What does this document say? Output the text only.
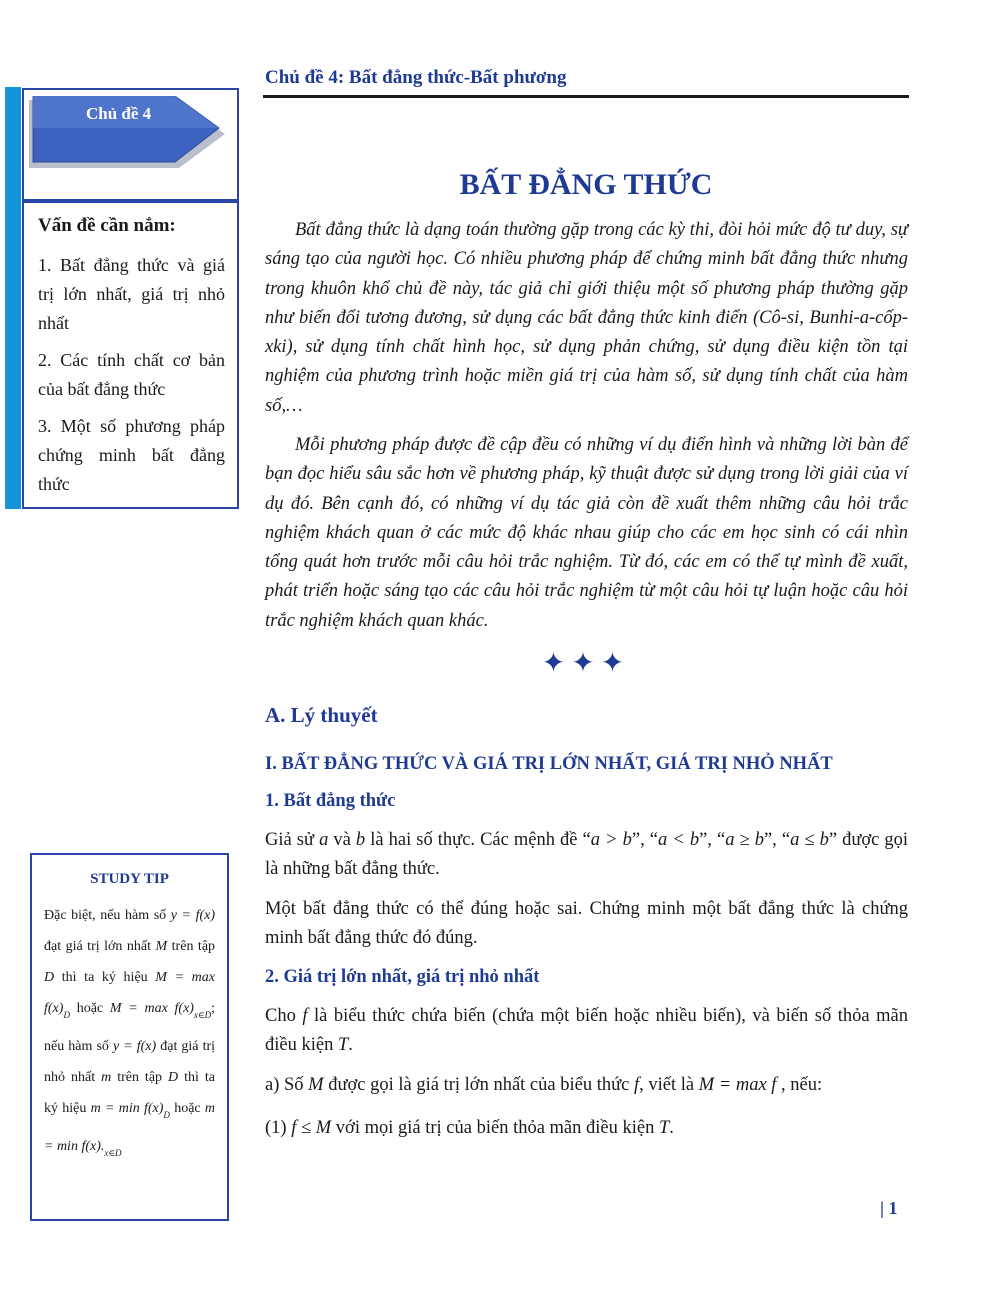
Chủ đề 4: Bất đẳng thức-Bất phương
Chủ đề 4
Vấn đề cần nắm:
1. Bất đẳng thức và giá trị lớn nhất, giá trị nhỏ nhất
2. Các tính chất cơ bản của bất đẳng thức
3. Một số phương pháp chứng minh bất đẳng thức
STUDY TIP
Đặc biệt, nếu hàm số y = f(x) đạt giá trị lớn nhất M trên tập D thì ta ký hiệu $M = \max f(x)_D$ hoặc $M = \max f(x)_{x\in D}$; nếu hàm số y = f(x) đạt giá trị nhỏ nhất m trên tập D thì ta ký hiệu $m = \min f(x)_D$ hoặc $m = \min f(x)._{x\in D}$
BẤT ĐẲNG THỨC
Bất đẳng thức là dạng toán thường gặp trong các kỳ thi, đòi hỏi mức độ tư duy, sự sáng tạo của người học. Có nhiều phương pháp để chứng minh bất đẳng thức nhưng trong khuôn khổ chủ đề này, tác giả chỉ giới thiệu một số phương pháp thường gặp như biến đổi tương đương, sử dụng các bất đẳng thức kinh điển (Cô-si, Bunhi-a-cốp-xki), sử dụng tính chất hình học, sử dụng phản chứng, sử dụng điều kiện tồn tại nghiệm của phương trình hoặc miền giá trị của hàm số, sử dụng tính chất của hàm số,…
Mỗi phương pháp được đề cập đều có những ví dụ điển hình và những lời bàn để bạn đọc hiểu sâu sắc hơn về phương pháp, kỹ thuật được sử dụng trong lời giải của ví dụ đó. Bên cạnh đó, có những ví dụ tác giả còn đề xuất thêm những câu hỏi trắc nghiệm khách quan ở các mức độ khác nhau giúp cho các em học sinh có cái nhìn tổng quát hơn trước mỗi câu hỏi trắc nghiệm. Từ đó, các em có thể tự mình đề xuất, phát triển hoặc sáng tạo các câu hỏi trắc nghiệm từ một câu hỏi tự luận hoặc câu hỏi trắc nghiệm khách quan khác.
✦✦✦
A. Lý thuyết
I. BẤT ĐẲNG THỨC VÀ GIÁ TRỊ LỚN NHẤT, GIÁ TRỊ NHỎ NHẤT
1. Bất đẳng thức
Giả sử a và b là hai số thực. Các mệnh đề “a > b”, “a < b”, “a ≥ b”, “a ≤ b” được gọi là những bất đẳng thức.
Một bất đẳng thức có thể đúng hoặc sai. Chứng minh một bất đẳng thức là chứng minh bất đẳng thức đó đúng.
2. Giá trị lớn nhất, giá trị nhỏ nhất
Cho f là biểu thức chứa biến (chứa một biến hoặc nhiều biến), và biến số thỏa mãn điều kiện T.
a) Số M được gọi là giá trị lớn nhất của biểu thức f, viết là M = max f , nếu:
(1) f ≤ M với mọi giá trị của biến thỏa mãn điều kiện T.
| 1
